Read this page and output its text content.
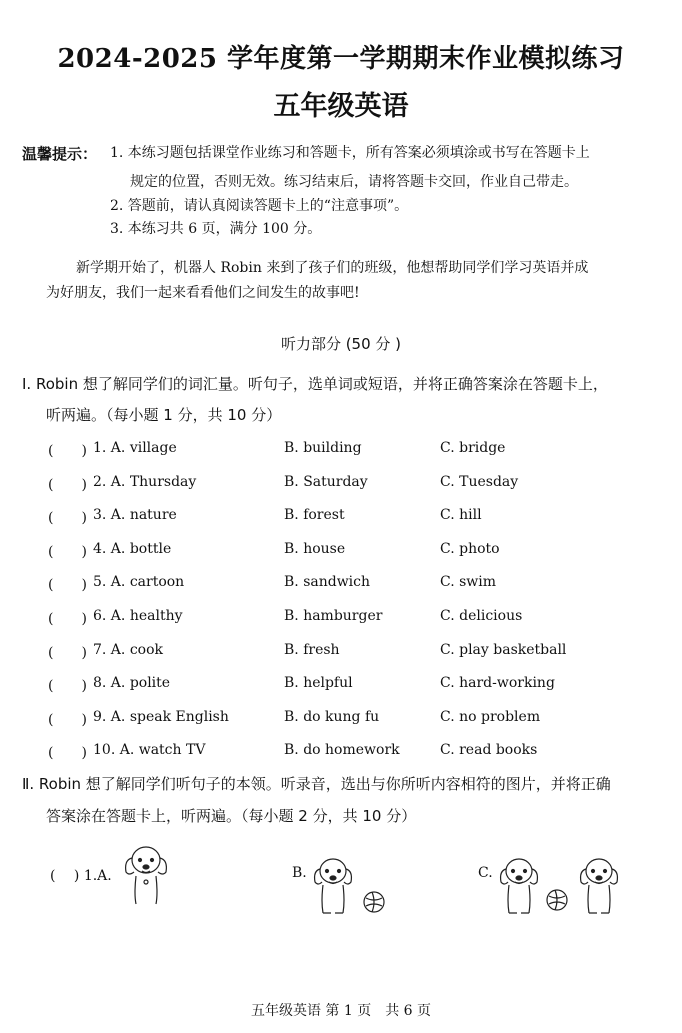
2024-2025 学年度第一学期期末作业模拟练习
五年级英语
温馨提示： 1. 本练习题包括课堂作业练习和答题卡，所有答案必须填涂或书写在答题卡上
规定的位置，否则无效。练习结束后，请将答题卡交回，作业自己带走。
2. 答题前，请认真阅读答题卡上的“注意事项”。
3. 本练习共 6 页，满分 100 分。
新学期开始了，机器人 Robin 来到了孩子们的班级，他想帮助同学们学习英语并成
为好朋友，我们一起来看看他们之间发生的故事吧!
听力部分 (50 分 )
Ⅰ. Robin 想了解同学们的词汇量。听句子，选单词或短语，并将正确答案涂在答题卡上，
听两遍。（每小题 1 分，共 10 分）
(　　) 1. A. village	B. building	C. bridge
(　　) 2. A. Thursday	B. Saturday	C. Tuesday
(　　) 3. A. nature	B. forest	C. hill
(　　) 4. A. bottle	B. house	C. photo
(　　) 5. A. cartoon	B. sandwich	C. swim
(　　) 6. A. healthy	B. hamburger	C. delicious
(　　) 7. A. cook	B. fresh	C. play basketball
(　　) 8. A. polite	B. helpful	C. hard-working
(　　) 9. A. speak English	B. do kung fu	C. no problem
(　　) 10. A. watch TV	B. do homework	C. read books
Ⅱ. Robin 想了解同学们听句子的本领。听录音，选出与你所听内容相符的图片，并将正确
答案涂在答题卡上，听两遍。（每小题 2 分，共 10 分）
(　 ) 1.A.	B.	C.
五年级英语 第 1 页　共 6 页
